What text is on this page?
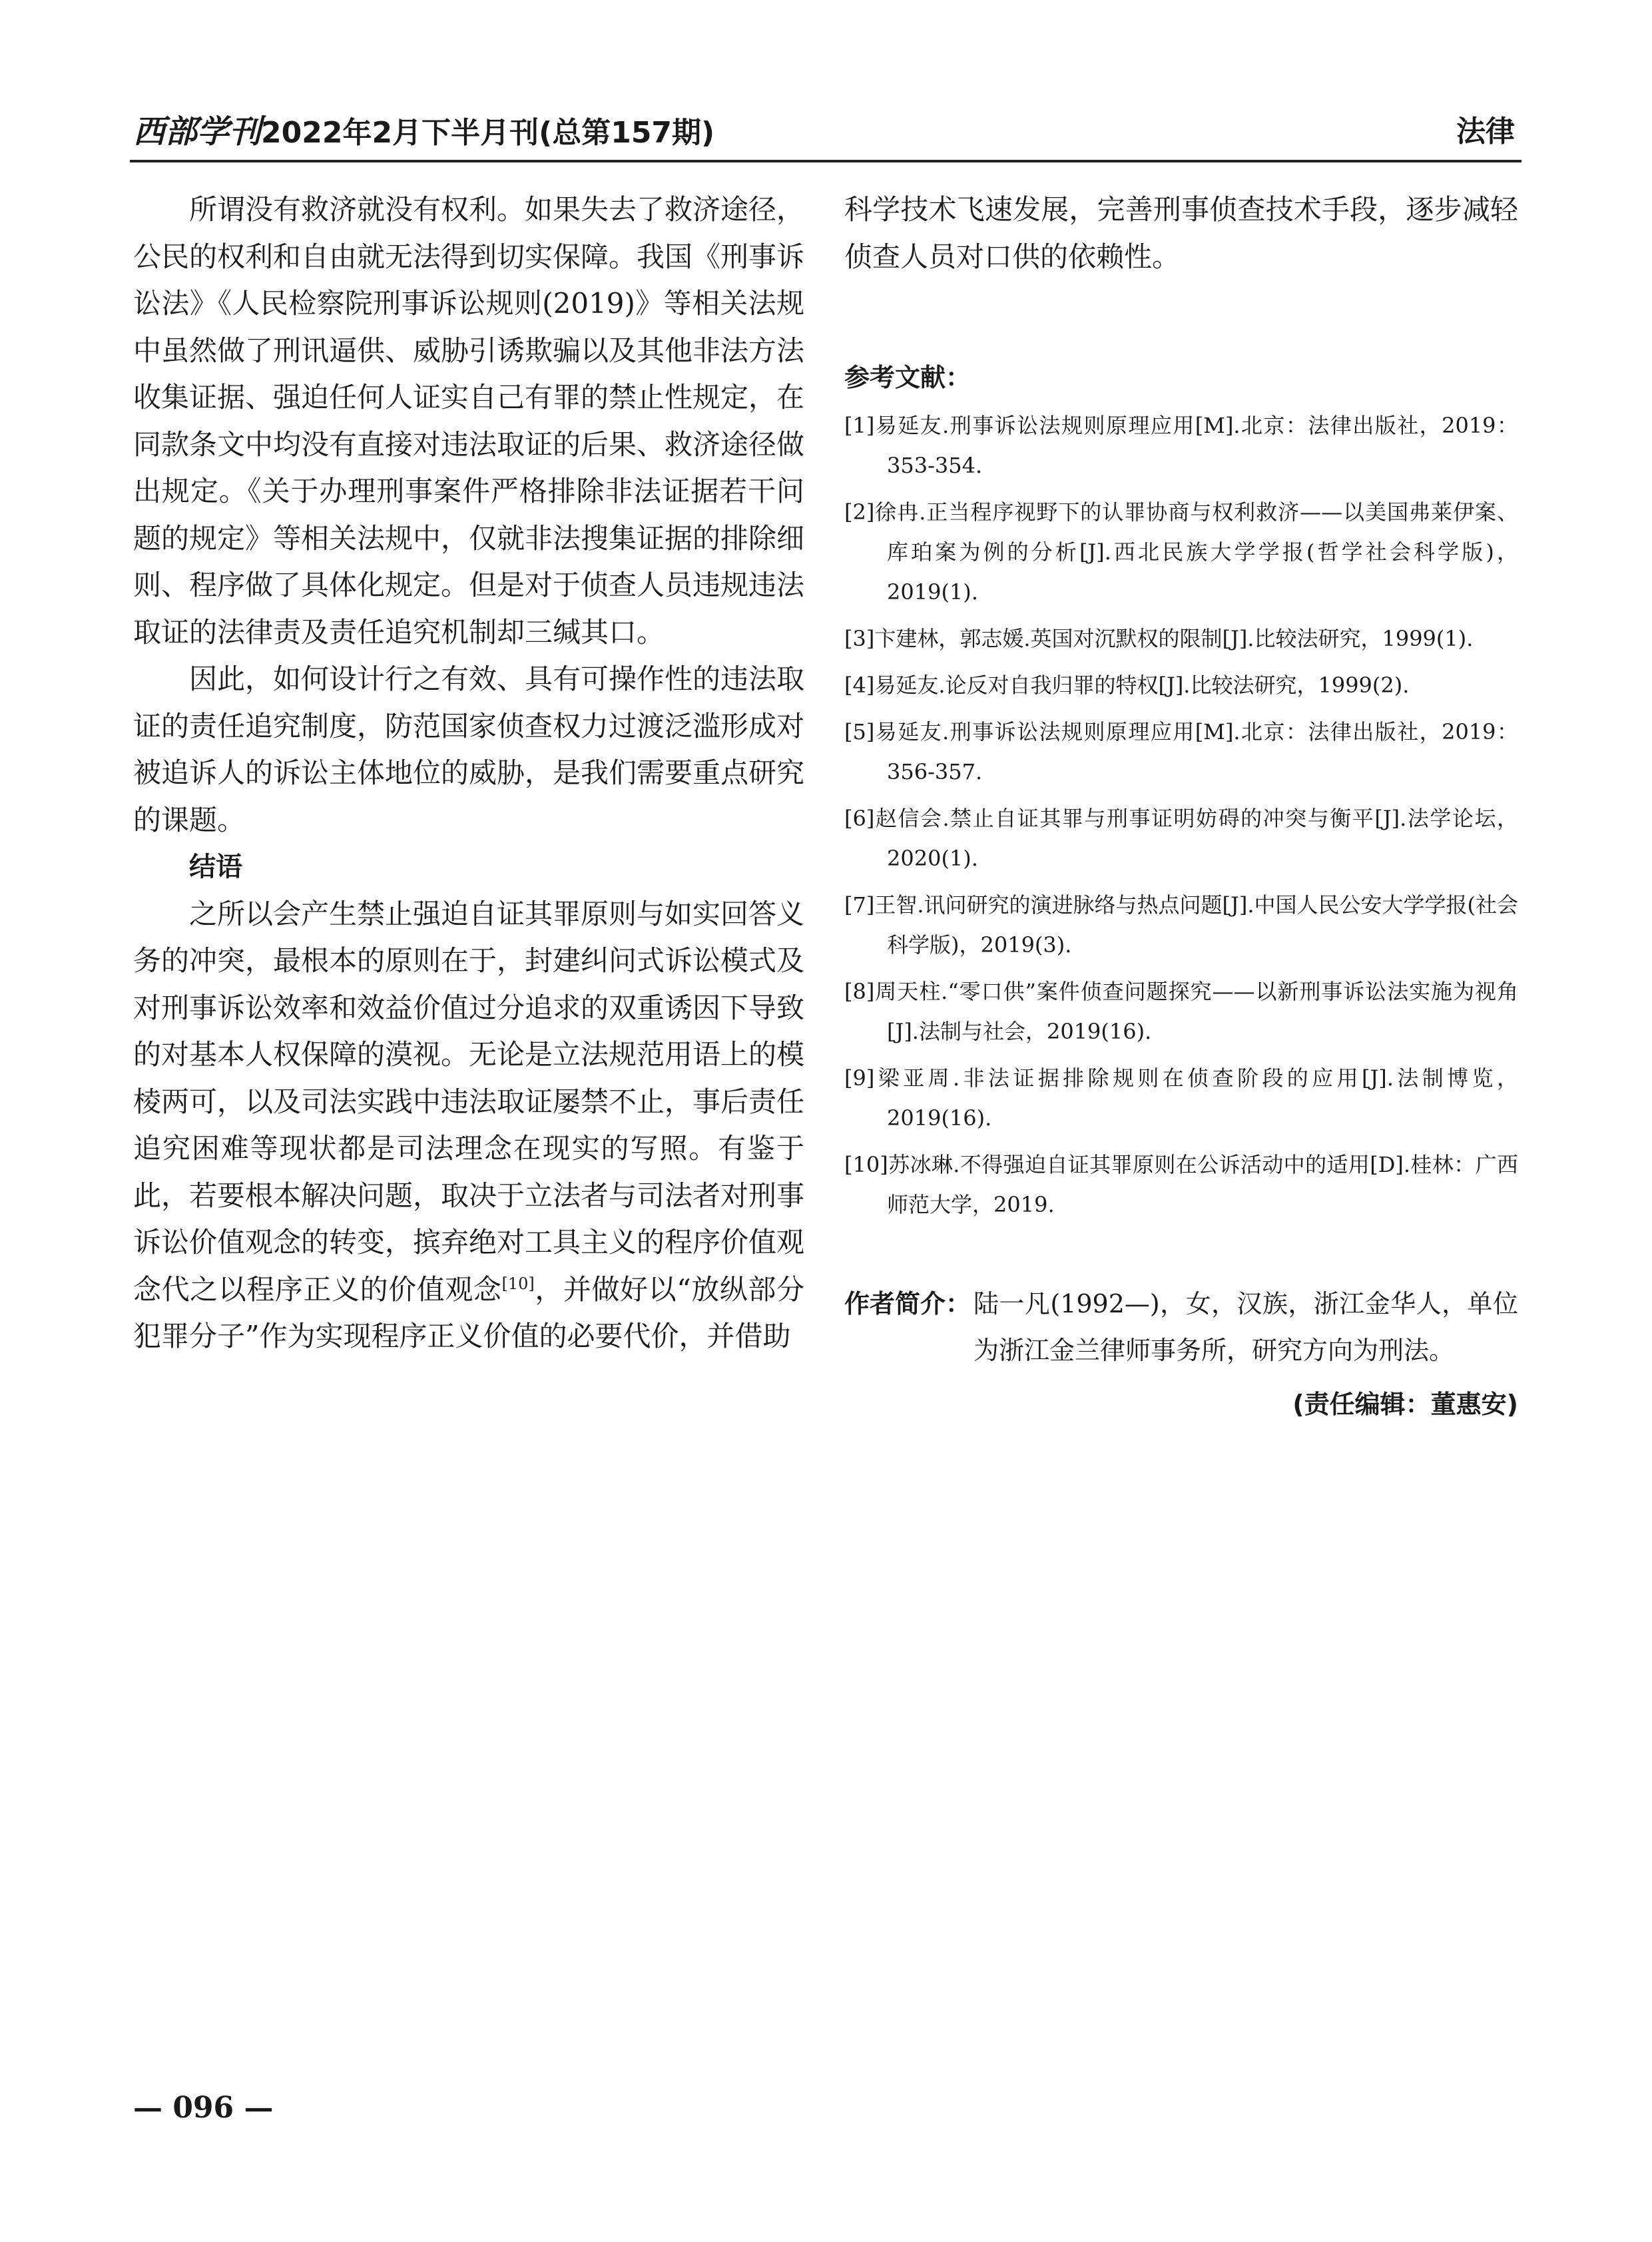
西部学刊2022年2月下半月刊(总第157期)	法律

所谓没有救济就没有权利。如果失去了救济途径，公民的权利和自由就无法得到切实保障。我国《刑事诉讼法》《人民检察院刑事诉讼规则(2019)》等相关法规中虽然做了刑讯逼供、威胁引诱欺骗以及其他非法方法收集证据、强迫任何人证实自己有罪的禁止性规定，在同款条文中均没有直接对违法取证的后果、救济途径做出规定。《关于办理刑事案件严格排除非法证据若干问题的规定》等相关法规中，仅就非法搜集证据的排除细则、程序做了具体化规定。但是对于侦查人员违规违法取证的法律责及责任追究机制却三缄其口。

因此，如何设计行之有效、具有可操作性的违法取证的责任追究制度，防范国家侦查权力过渡泛滥形成对被追诉人的诉讼主体地位的威胁，是我们需要重点研究的课题。

结语

之所以会产生禁止强迫自证其罪原则与如实回答义务的冲突，最根本的原则在于，封建纠问式诉讼模式及对刑事诉讼效率和效益价值过分追求的双重诱因下导致的对基本人权保障的漠视。无论是立法规范用语上的模棱两可，以及司法实践中违法取证屡禁不止，事后责任追究困难等现状都是司法理念在现实的写照。有鉴于此，若要根本解决问题，取决于立法者与司法者对刑事诉讼价值观念的转变，摈弃绝对工具主义的程序价值观念代之以程序正义的价值观念[10]，并做好以“放纵部分犯罪分子”作为实现程序正义价值的必要代价，并借助

科学技术飞速发展，完善刑事侦查技术手段，逐步减轻侦查人员对口供的依赖性。

参考文献：
[1]易延友.刑事诉讼法规则原理应用[M].北京：法律出版社，2019：353-354.
[2]徐冉.正当程序视野下的认罪协商与权利救济——以美国弗莱伊案、库珀案为例的分析[J].西北民族大学学报(哲学社会科学版)，2019(1).
[3]卞建林，郭志媛.英国对沉默权的限制[J].比较法研究，1999(1).
[4]易延友.论反对自我归罪的特权[J].比较法研究，1999(2).
[5]易延友.刑事诉讼法规则原理应用[M].北京：法律出版社，2019：356-357.
[6]赵信会.禁止自证其罪与刑事证明妨碍的冲突与衡平[J].法学论坛，2020(1).
[7]王智.讯问研究的演进脉络与热点问题[J].中国人民公安大学学报(社会科学版)，2019(3).
[8]周天柱.“零口供”案件侦查问题探究——以新刑事诉讼法实施为视角[J].法制与社会，2019(16).
[9]梁亚周.非法证据排除规则在侦查阶段的应用[J].法制博览，2019(16).
[10]苏冰琳.不得强迫自证其罪原则在公诉活动中的适用[D].桂林：广西师范大学，2019.
作者简介： 陆一凡(1992—)，女，汉族，浙江金华人，单位为浙江金兰律师事务所，研究方向为刑法。

(责任编辑：董惠安)
— 096 —
